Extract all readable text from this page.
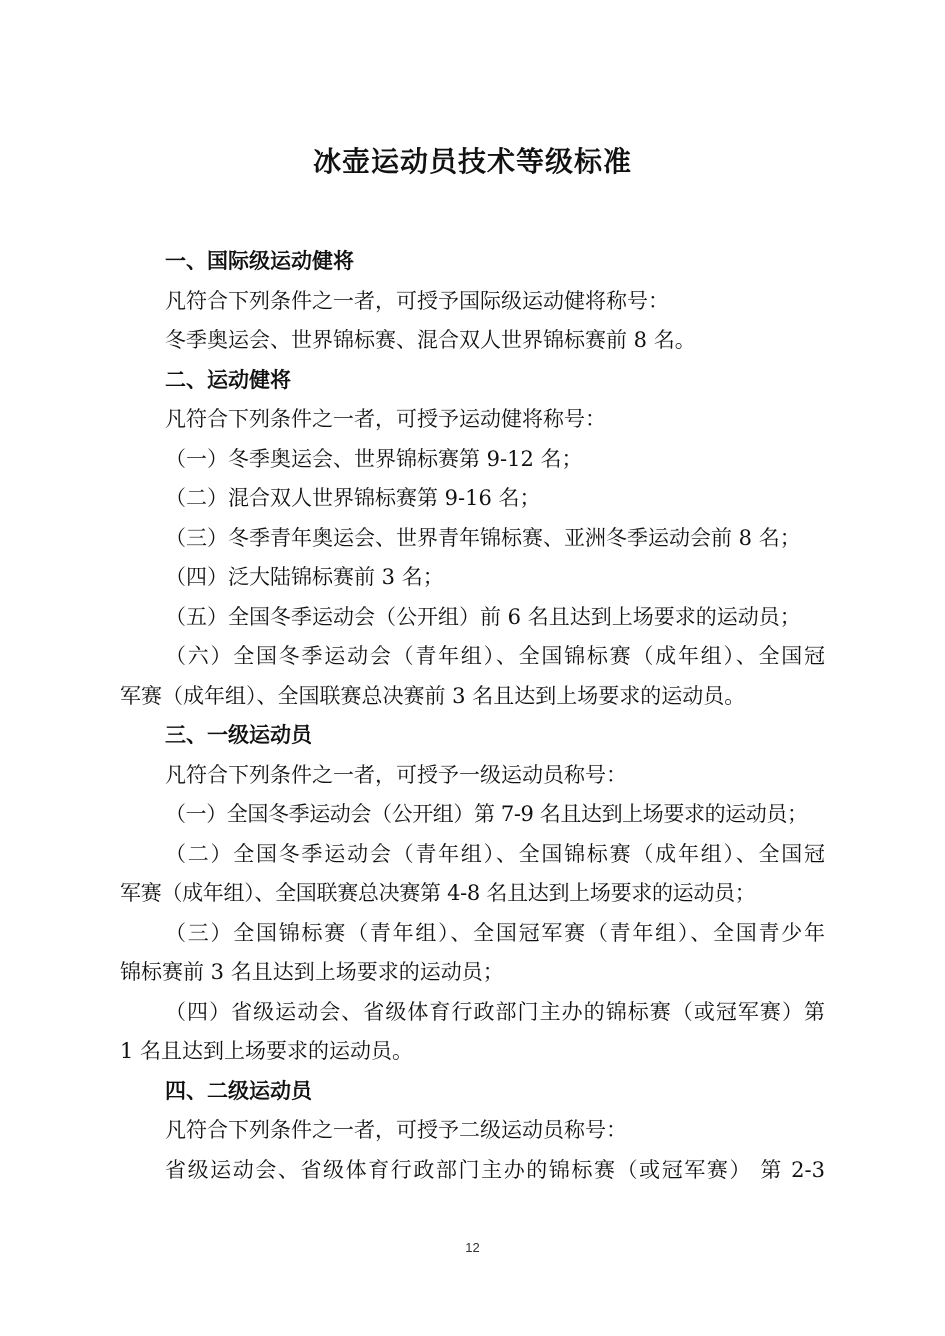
冰壶运动员技术等级标准
一、国际级运动健将
凡符合下列条件之一者，可授予国际级运动健将称号：
冬季奥运会、世界锦标赛、混合双人世界锦标赛前 8 名。
二、运动健将
凡符合下列条件之一者，可授予运动健将称号：
（一）冬季奥运会、世界锦标赛第 9-12 名；
（二）混合双人世界锦标赛第 9-16 名；
（三）冬季青年奥运会、世界青年锦标赛、亚洲冬季运动会前 8 名；
（四）泛大陆锦标赛前 3 名；
（五）全国冬季运动会（公开组）前 6 名且达到上场要求的运动员；
（六）全国冬季运动会（青年组）、全国锦标赛（成年组）、全国冠
军赛（成年组）、全国联赛总决赛前 3 名且达到上场要求的运动员。
三、一级运动员
凡符合下列条件之一者，可授予一级运动员称号：
（一）全国冬季运动会（公开组）第 7-9 名且达到上场要求的运动员；
（二）全国冬季运动会（青年组）、全国锦标赛（成年组）、全国冠
军赛（成年组）、全国联赛总决赛第 4-8 名且达到上场要求的运动员；
（三）全国锦标赛（青年组）、全国冠军赛（青年组）、全国青少年
锦标赛前 3 名且达到上场要求的运动员；
（四）省级运动会、省级体育行政部门主办的锦标赛（或冠军赛）第
1 名且达到上场要求的运动员。
四、二级运动员
凡符合下列条件之一者，可授予二级运动员称号：
省级运动会、省级体育行政部门主办的锦标赛（或冠军赛） 第 2-3
12
